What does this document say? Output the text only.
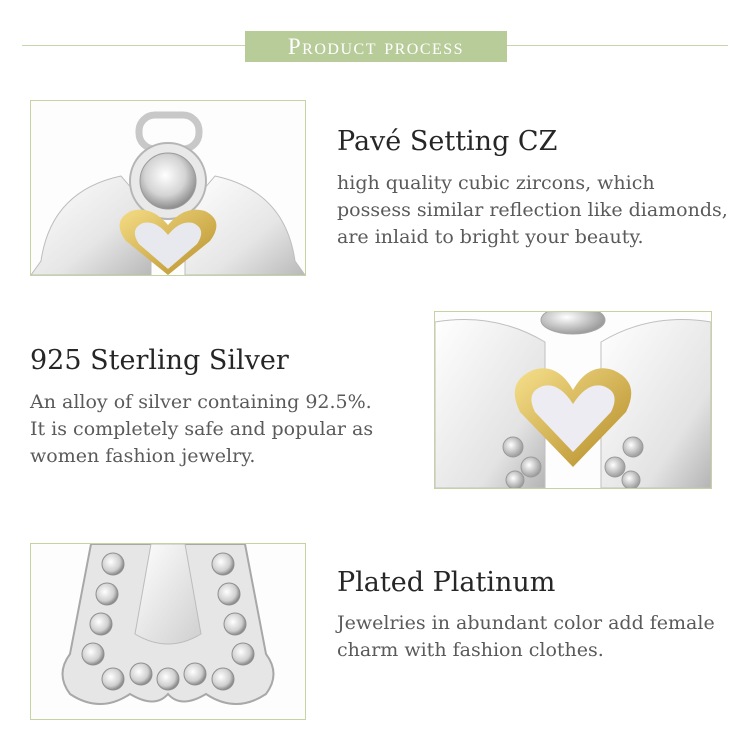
Product process
Pavé Setting CZ
high quality cubic zircons, which possess similar reflection like diamonds, are inlaid to bright your beauty.
925 Sterling Silver
An alloy of silver containing 92.5%. It is completely safe and popular as women fashion jewelry.
Plated Platinum
Jewelries in abundant color add female charm with fashion clothes.
